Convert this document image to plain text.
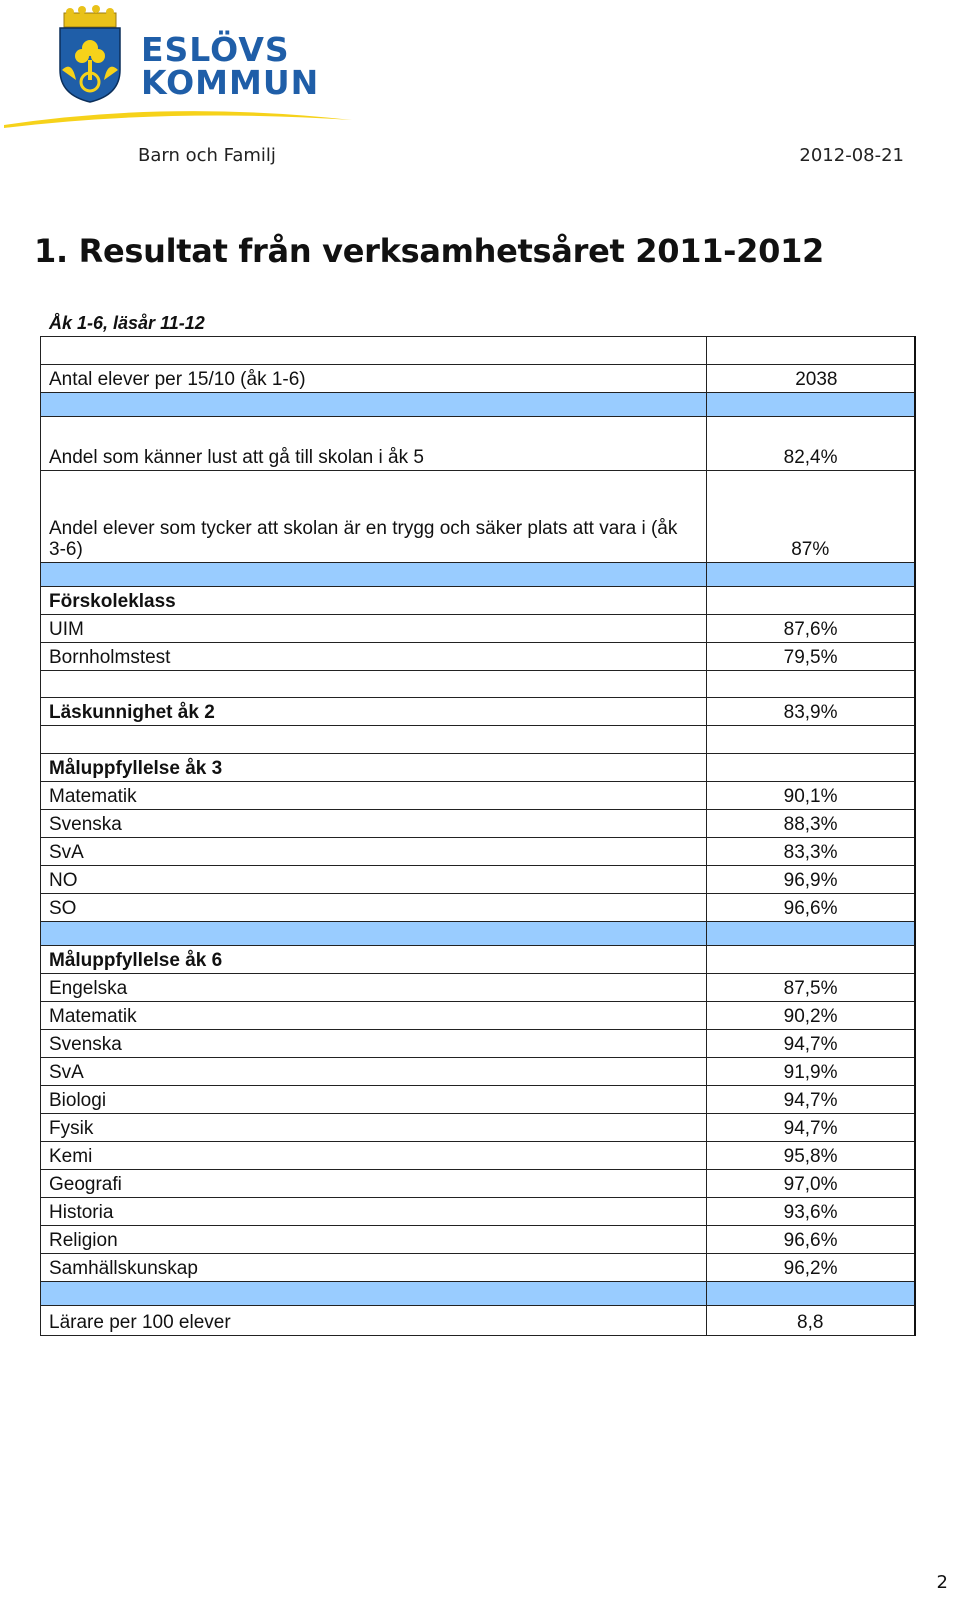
ESLÖVS
KOMMUN
Barn och Familj	2012-08-21
1. Resultat från verksamhetsåret 2011-2012
Åk 1-6, läsår 11-12

Antal elever per 15/10 (åk 1-6)	2038

Andel som känner lust att gå till skolan i åk 5	82,4%
Andel elever som tycker att skolan är en trygg och säker plats att vara i (åk 3-6)	87%

Förskoleklass	
UIM	87,6%
Bornholmstest	79,5%

Läskunnighet åk 2	83,9%

Måluppfyllelse åk 3	
Matematik	90,1%
Svenska	88,3%
SvA	83,3%
NO	96,9%
SO	96,6%

Måluppfyllelse åk 6	
Engelska	87,5%
Matematik	90,2%
Svenska	94,7%
SvA	91,9%
Biologi	94,7%
Fysik	94,7%
Kemi	95,8%
Geografi	97,0%
Historia	93,6%
Religion	96,6%
Samhällskunskap	96,2%

Lärare per 100 elever	8,8
2
